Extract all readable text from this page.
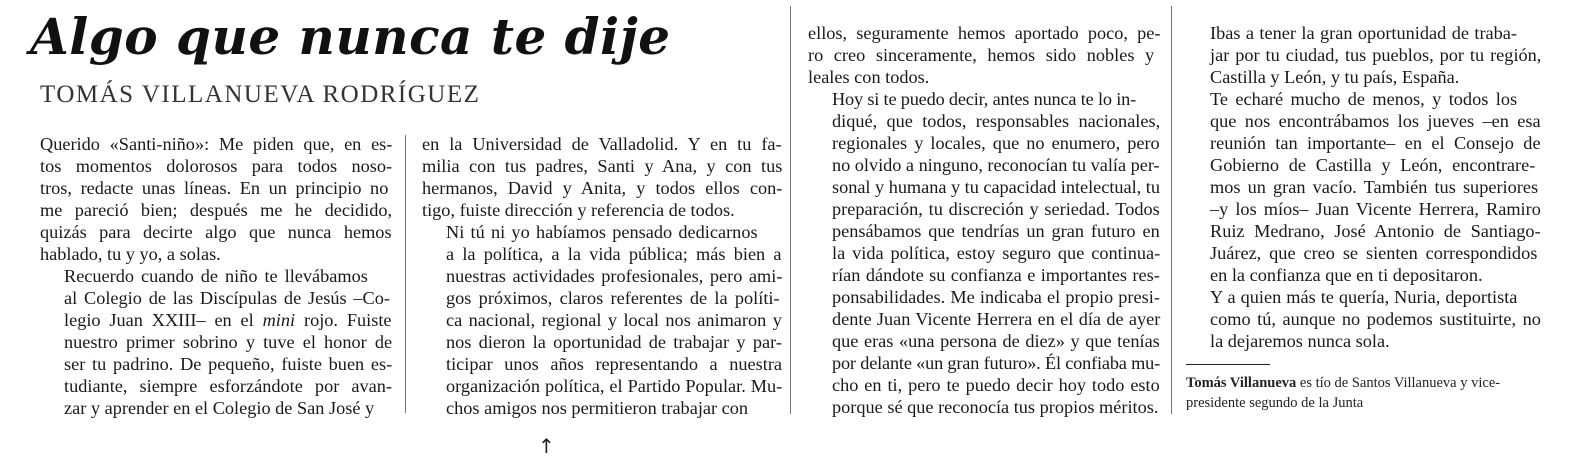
Algo que nunca te dije
TOMÁS VILLANUEVA RODRÍGUEZ

Querido «Santi-niño»: Me piden que, en es-
tos momentos dolorosos para todos noso-
tros, redacte unas líneas. En un principio no
me pareció bien; después me he decidido,
quizás para decirte algo que nunca hemos
hablado, tu y yo, a solas.

Recuerdo cuando de niño te llevábamos
al Colegio de las Discípulas de Jesús –Co-
legio Juan XXIII– en el mini rojo. Fuiste
nuestro primer sobrino y tuve el honor de
ser tu padrino. De pequeño, fuiste buen es-
tudiante, siempre esforzándote por avan-
zar y aprender en el Colegio de San José y

en la Universidad de Valladolid. Y en tu fa-
milia con tus padres, Santi y Ana, y con tus
hermanos, David y Anita, y todos ellos con-
tigo, fuiste dirección y referencia de todos.

Ni tú ni yo habíamos pensado dedicarnos
a la política, a la vida pública; más bien a
nuestras actividades profesionales, pero ami-
gos próximos, claros referentes de la políti-
ca nacional, regional y local nos animaron y
nos dieron la oportunidad de trabajar y par-
ticipar unos años representando a nuestra
organización política, el Partido Popular. Mu-
chos amigos nos permitieron trabajar con

ellos, seguramente hemos aportado poco, pe-
ro creo sinceramente, hemos sido nobles y
leales con todos.

Hoy si te puedo decir, antes nunca te lo in-
diqué, que todos, responsables nacionales,
regionales y locales, que no enumero, pero
no olvido a ninguno, reconocían tu valía per-
sonal y humana y tu capacidad intelectual, tu
preparación, tu discreción y seriedad. Todos
pensábamos que tendrías un gran futuro en
la vida política, estoy seguro que continua-
rían dándote su confianza e importantes res-
ponsabilidades. Me indicaba el propio presi-
dente Juan Vicente Herrera en el día de ayer
que eras «una persona de diez» y que tenías
por delante «un gran futuro». Él confiaba mu-
cho en ti, pero te puedo decir hoy todo esto
porque sé que reconocía tus propios méritos.

Ibas a tener la gran oportunidad de traba-
jar por tu ciudad, tus pueblos, por tu región,
Castilla y León, y tu país, España.

Te echaré mucho de menos, y todos los
que nos encontrábamos los jueves –en esa
reunión tan importante– en el Consejo de
Gobierno de Castilla y León, encontrare-
mos un gran vacío. También tus superiores
–y los míos– Juan Vicente Herrera, Ramiro
Ruiz Medrano, José Antonio de Santiago-
Juárez, que creo se sienten correspondidos
en la confianza que en ti depositaron.

Y a quien más te quería, Nuria, deportista
como tú, aunque no podemos sustituirte, no
la dejaremos nunca sola.

Tomás Villanueva es tío de Santos Villanueva y vice-
presidente segundo de la Junta

↑
